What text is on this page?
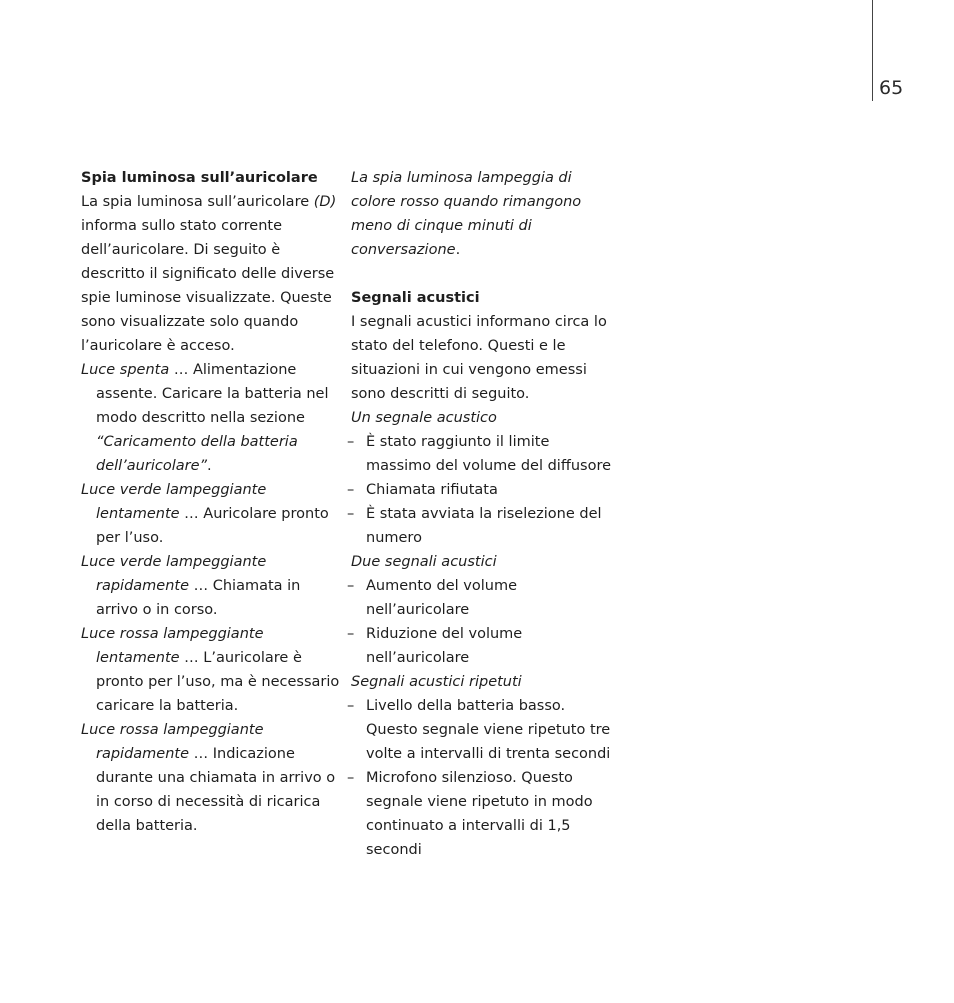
65

Spia luminosa sull’auricolare

La spia luminosa sull’auricolare (D) informa sullo stato corrente dell’auricolare. Di seguito è descritto il significato delle diverse spie luminose visualizzate. Queste sono visualizzate solo quando l’auricolare è acceso.

Luce spenta … Alimentazione assente. Caricare la batteria nel modo descritto nella sezione “Caricamento della batteria dell’auricolare”.

Luce verde lampeggiante lentamente … Auricolare pronto per l’uso.

Luce verde lampeggiante rapidamente … Chiamata in arrivo o in corso.

Luce rossa lampeggiante lentamente … L’auricolare è pronto per l’uso, ma è necessario caricare la batteria.

Luce rossa lampeggiante rapidamente … Indicazione durante una chiamata in arrivo o in corso di necessità di ricarica della batteria.

La spia luminosa lampeggia di colore rosso quando rimangono meno di cinque minuti di conversazione.

Segnali acustici

I segnali acustici informano circa lo stato del telefono. Questi e le situazioni in cui vengono emessi sono descritti di seguito.

Un segnale acustico

– È stato raggiunto il limite massimo del volume del diffusore
– Chiamata rifiutata
– È stata avviata la riselezione del numero

Due segnali acustici

– Aumento del volume nell’auricolare
– Riduzione del volume nell’auricolare

Segnali acustici ripetuti

– Livello della batteria basso. Questo segnale viene ripetuto tre volte a intervalli di trenta secondi
– Microfono silenzioso. Questo segnale viene ripetuto in modo continuato a intervalli di 1,5 secondi
